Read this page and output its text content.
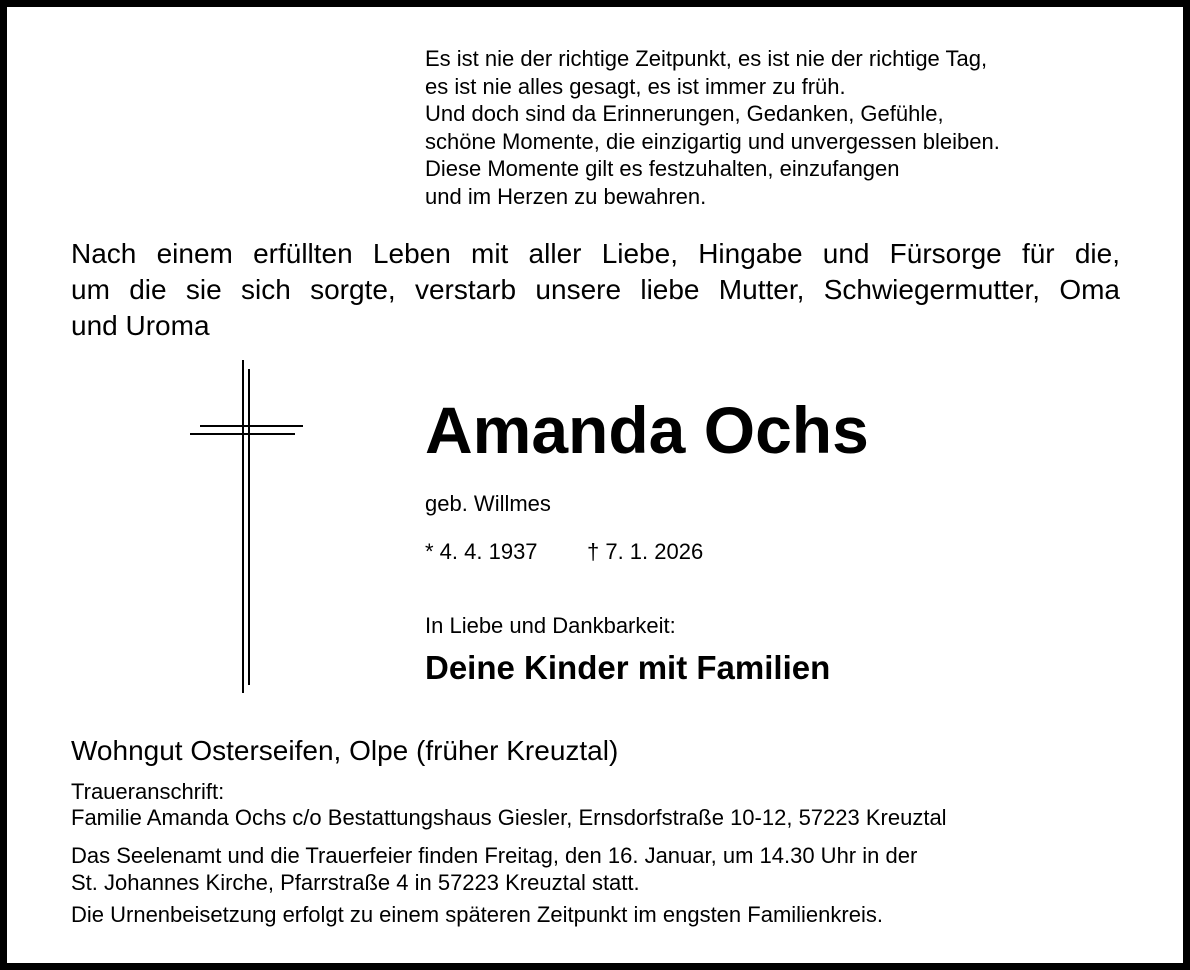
Es ist nie der richtige Zeitpunkt, es ist nie der richtige Tag,
es ist nie alles gesagt, es ist immer zu früh.
Und doch sind da Erinnerungen, Gedanken, Gefühle,
schöne Momente, die einzigartig und unvergessen bleiben.
Diese Momente gilt es festzuhalten, einzufangen
und im Herzen zu bewahren.
Nach einem erfüllten Leben mit aller Liebe, Hingabe und Fürsorge für die,
um die sie sich sorgte, verstarb unsere liebe Mutter, Schwiegermutter, Oma
und Uroma
Amanda Ochs
geb. Willmes
* 4. 4. 1937 † 7. 1. 2026
In Liebe und Dankbarkeit:
Deine Kinder mit Familien
Wohngut Osterseifen, Olpe (früher Kreuztal)
Traueranschrift:
Familie Amanda Ochs c/o Bestattungshaus Giesler, Ernsdorfstraße 10-12, 57223 Kreuztal
Das Seelenamt und die Trauerfeier finden Freitag, den 16. Januar, um 14.30 Uhr in der
St. Johannes Kirche, Pfarrstraße 4 in 57223 Kreuztal statt.
Die Urnenbeisetzung erfolgt zu einem späteren Zeitpunkt im engsten Familienkreis.
